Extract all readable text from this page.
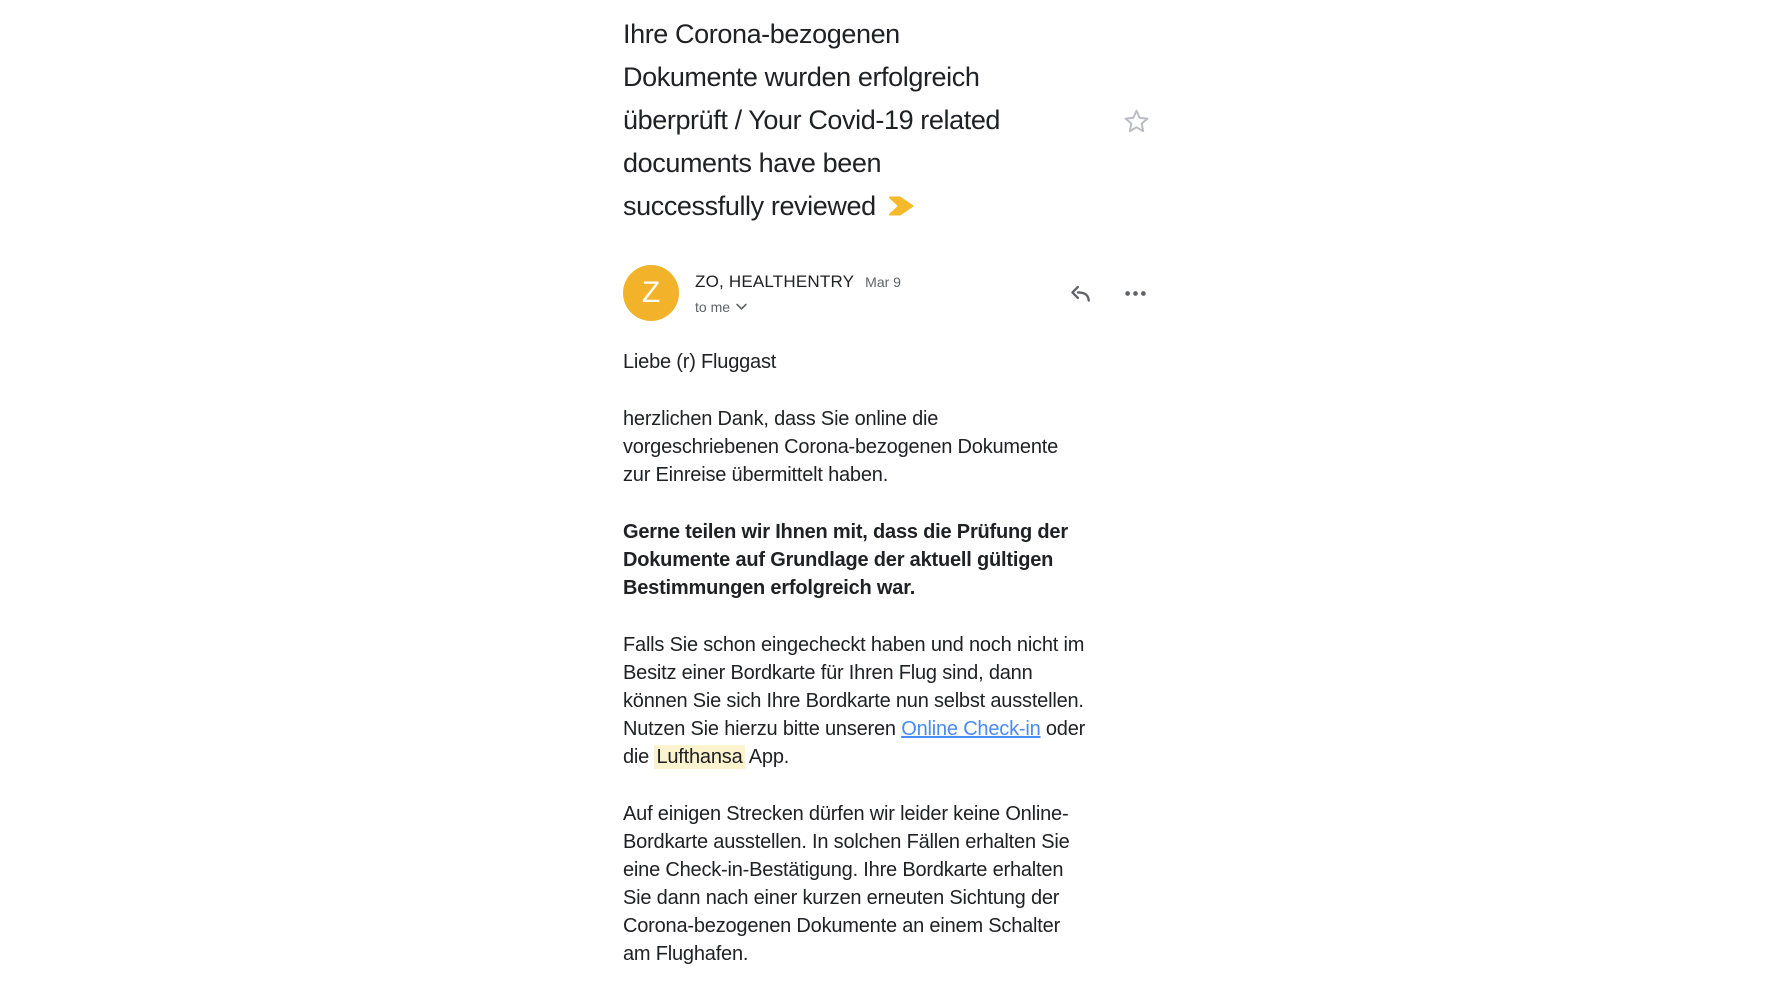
Ihre Corona-bezogenen
Dokumente wurden erfolgreich
überprüft / Your Covid-19 related
documents have been
successfully reviewed
Z ZO, HEALTHENTRY Mar 9
to me

Liebe (r) Fluggast

herzlichen Dank, dass Sie online die vorgeschriebenen Corona-bezogenen Dokumente zur Einreise übermittelt haben.

Gerne teilen wir Ihnen mit, dass die Prüfung der Dokumente auf Grundlage der aktuell gültigen Bestimmungen erfolgreich war.

Falls Sie schon eingecheckt haben und noch nicht im Besitz einer Bordkarte für Ihren Flug sind, dann können Sie sich Ihre Bordkarte nun selbst ausstellen.
Nutzen Sie hierzu bitte unseren Online Check-in oder die Lufthansa App.

Auf einigen Strecken dürfen wir leider keine Online-Bordkarte ausstellen. In solchen Fällen erhalten Sie eine Check-in-Bestätigung. Ihre Bordkarte erhalten Sie dann nach einer kurzen erneuten Sichtung der Corona-bezogenen Dokumente an einem Schalter am Flughafen.
